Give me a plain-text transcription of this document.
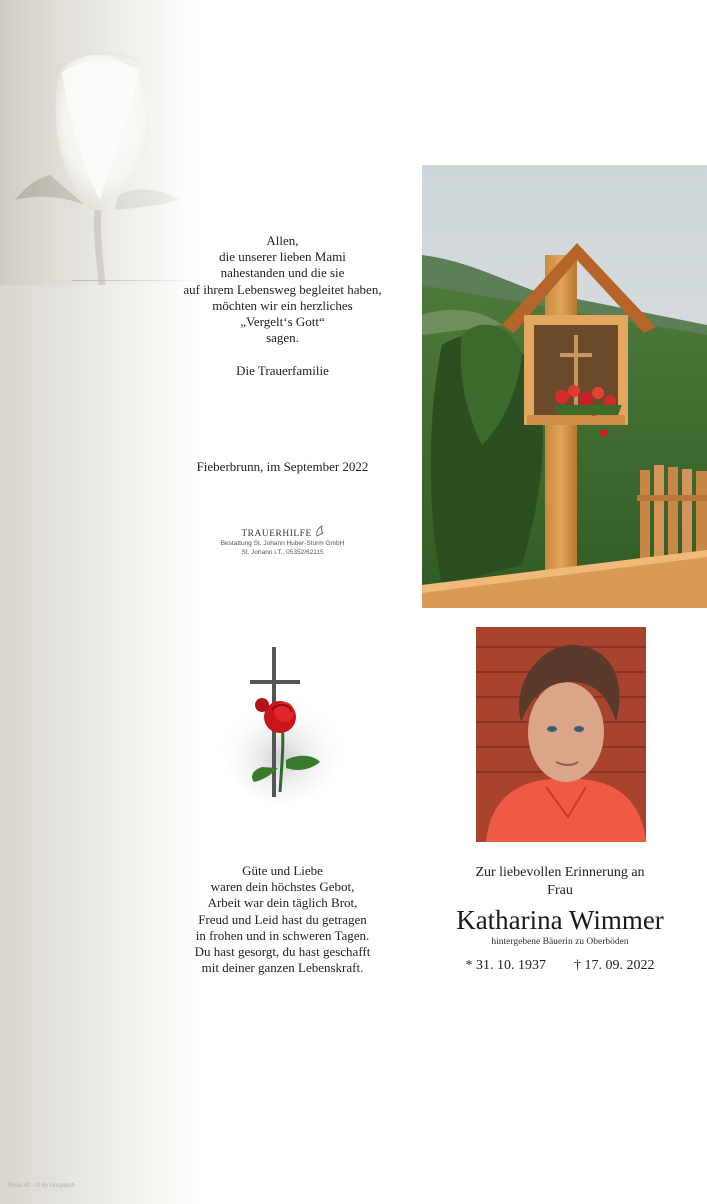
Allen,
die unserer lieben Mami
nahestanden und die sie
auf ihrem Lebensweg begleitet haben,
möchten wir ein herzliches
„Vergelt‘s Gott“
sagen.
Die Trauerfamilie
Fieberbrunn, im September 2022
TRAUERHILFE
Bestattung St. Johann Huber-Sturm GmbH
St. Johann i.T., 05352/62115
Güte und Liebe
waren dein höchstes Gebot,
Arbeit war dein täglich Brot,
Freud und Leid hast du getragen
in frohen und in schweren Tagen.
Du hast gesorgt, du hast geschafft
mit deiner ganzen Lebenskraft.
Zur liebevollen Erinnerung an
Frau
Katharina Wimmer
hintergebene Bäuerin zu Oberböden
* 31. 10. 1937 † 17. 09. 2022
Rose 40 · © by Unsplash
